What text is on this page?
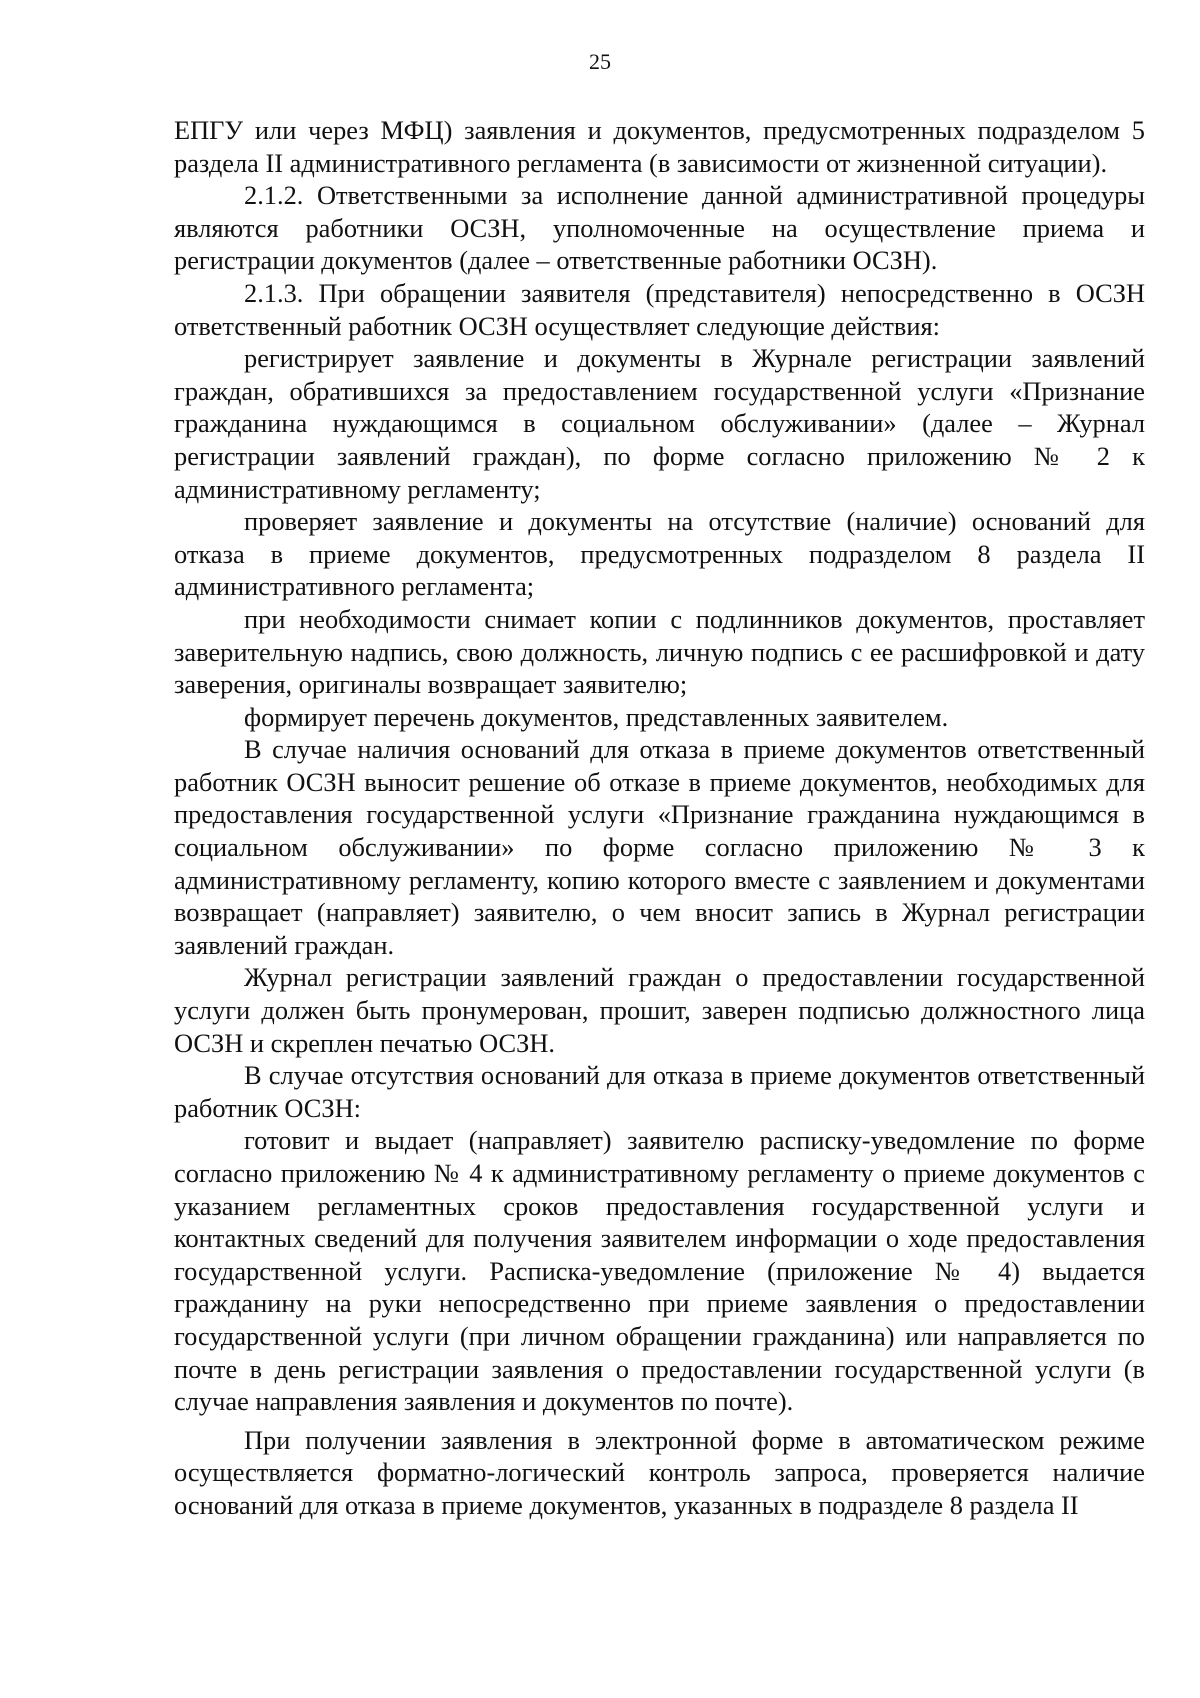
25

ЕПГУ или через МФЦ) заявления и документов, предусмотренных подразделом 5 раздела II административного регламента (в зависимости от жизненной ситуации).

2.1.2. Ответственными за исполнение данной административной процедуры являются работники ОСЗН, уполномоченные на осуществление приема и регистрации документов (далее – ответственные работники ОСЗН).

2.1.3. При обращении заявителя (представителя) непосредственно в ОСЗН ответственный работник ОСЗН осуществляет следующие действия:

регистрирует заявление и документы в Журнале регистрации заявлений граждан, обратившихся за предоставлением государственной услуги «Признание гражданина нуждающимся в социальном обслуживании» (далее – Журнал регистрации заявлений граждан), по форме согласно приложению № 2 к административному регламенту;

проверяет заявление и документы на отсутствие (наличие) оснований для отказа в приеме документов, предусмотренных подразделом 8 раздела II административного регламента;

при необходимости снимает копии с подлинников документов, проставляет заверительную надпись, свою должность, личную подпись с ее расшифровкой и дату заверения, оригиналы возвращает заявителю;

формирует перечень документов, представленных заявителем.

В случае наличия оснований для отказа в приеме документов ответственный работник ОСЗН выносит решение об отказе в приеме документов, необходимых для предоставления государственной услуги «Признание гражданина нуждающимся в социальном обслуживании» по форме согласно приложению № 3 к административному регламенту, копию которого вместе с заявлением и документами возвращает (направляет) заявителю, о чем вносит запись в Журнал регистрации заявлений граждан.

Журнал регистрации заявлений граждан о предоставлении государственной услуги должен быть пронумерован, прошит, заверен подписью должностного лица ОСЗН и скреплен печатью ОСЗН.

В случае отсутствия оснований для отказа в приеме документов ответственный работник ОСЗН:

готовит и выдает (направляет) заявителю расписку-уведомление по форме согласно приложению № 4 к административному регламенту о приеме документов с указанием регламентных сроков предоставления государственной услуги и контактных сведений для получения заявителем информации о ходе предоставления государственной услуги. Расписка-уведомление (приложение № 4) выдается гражданину на руки непосредственно при приеме заявления о предоставлении государственной услуги (при личном обращении гражданина) или направляется по почте в день регистрации заявления о предоставлении государственной услуги (в случае направления заявления и документов по почте).

При получении заявления в электронной форме в автоматическом режиме осуществляется форматно-логический контроль запроса, проверяется наличие оснований для отказа в приеме документов, указанных в подразделе 8 раздела II
